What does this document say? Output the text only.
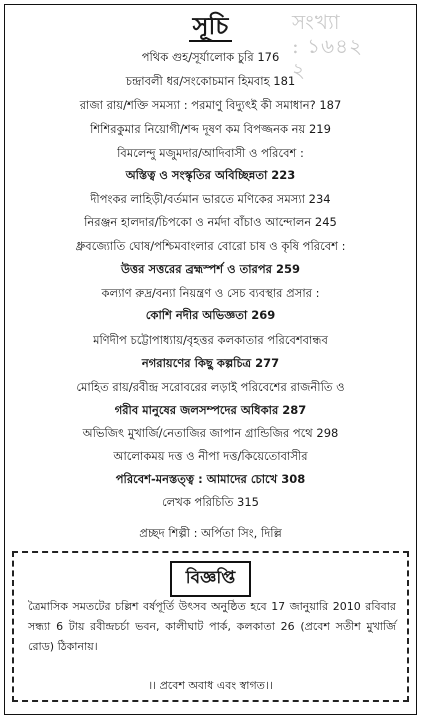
সংখ্যা
: ১৬৪২
২
সূচি
পথিক গুহ/সূর্যালোক চুরি 176
চন্দ্রাবলী ধর/সংকোচমান হিমবাহ 181
রাজা রায়/শক্তি সমস্যা : পরমাণু বিদ্যুৎই কী সমাধান? 187
শিশিরকুমার নিয়োগী/শব্দ দূষণ কম বিপজ্জনক নয় 219
বিমলেন্দু মজুমদার/আদিবাসী ও পরিবেশ :
অস্তিত্ব ও সংস্কৃতির অবিচ্ছিন্নতা 223
দীপংকর লাহিড়ী/বর্তমান ভারতে মণিকের সমস্যা 234
নিরঞ্জন হালদার/চিপকো ও নর্মদা বাঁচাও আন্দোলন 245
ধ্রুবজ্যোতি ঘোষ/পশ্চিমবাংলার বোরো চাষ ও কৃষি পরিবেশ :
উত্তর সত্তরের ব্রহ্মস্পর্শ ও তারপর 259
কল্যাণ রুদ্র/বন্যা নিয়ন্ত্রণ ও সেচ ব্যবস্থার প্রসার :
কোশি নদীর অভিজ্ঞতা 269
মণিদীপ চট্টোপাধ্যায়/বৃহত্তর কলকাতার পরিবেশবান্ধব
নগরায়ণের কিছু কল্পচিত্র 277
মোহিত রায়/রবীন্দ্র সরোবরের লড়াই পরিবেশের রাজনীতি ও
গরীব মানুষের জলসম্পদের অধিকার 287
অভিজিৎ মুখার্জি/নেতাজির জাপান গ্রান্ডিজির পথে 298
আলোকময় দত্ত ও নীপা দত্ত/কিয়েতোবাসীর
পরিবেশ-মনস্তত্ত্ব : আমাদের চোখে 308
লেখক পরিচিতি 315
প্রচ্ছদ শিল্পী : অর্পিতা সিং, দিল্লি
বিজ্ঞপ্তি
ত্রৈমাসিক সমতটের চল্লিশ বর্ষপূর্তি উৎসব অনুষ্ঠিত হবে 17 জানুয়ারি 2010 রবিবার সন্ধ্যা 6 টায় রবীন্দ্রচর্চা ভবন, কালীঘাট পার্ক, কলকাতা 26 (প্রবেশ সতীশ মুখার্জি রোড) ঠিকানায়।
।। প্রবেশ অবাধ এবং স্বাগত।।
